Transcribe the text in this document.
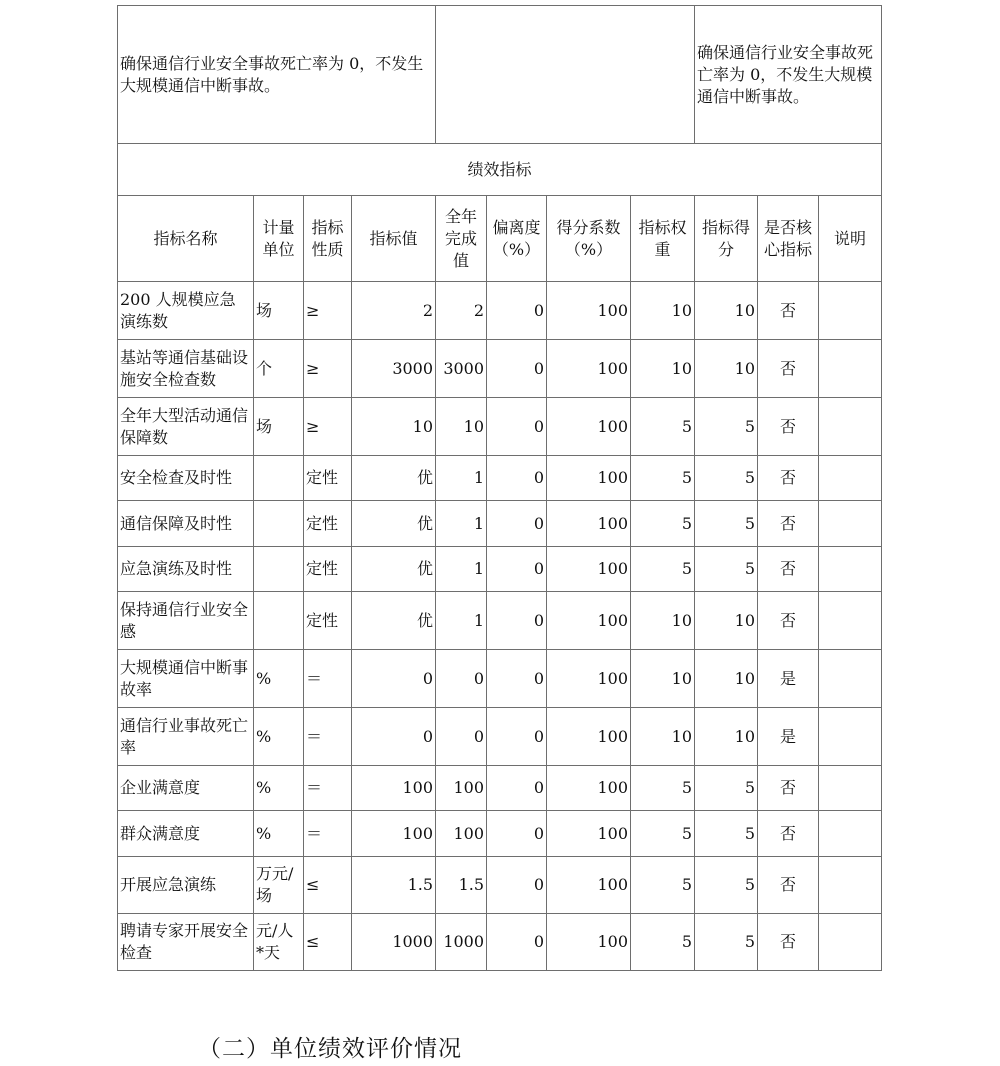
确保通信行业安全事故死亡率为 0，不发生大规模通信中断事故。								确保通信行业安全事故死亡率为 0，不发生大规模通信中断事故。		
绩效指标										
指标名称	计量单位	指标性质	指标值	全年完成值	偏离度（%）	得分系数（%）	指标权重	指标得分	是否核心指标	说明
200 人规模应急演练数	场	≥	2	2	0	100	10	10	否	
基站等通信基础设施安全检查数	个	≥	3000	3000	0	100	10	10	否	
全年大型活动通信保障数	场	≥	10	10	0	100	5	5	否	
安全检查及时性		定性	优	1	0	100	5	5	否	
通信保障及时性		定性	优	1	0	100	5	5	否	
应急演练及时性		定性	优	1	0	100	5	5	否	
保持通信行业安全感		定性	优	1	0	100	10	10	否	
大规模通信中断事故率	%	＝	0	0	0	100	10	10	是	
通信行业事故死亡率	%	＝	0	0	0	100	10	10	是	
企业满意度	%	＝	100	100	0	100	5	5	否	
群众满意度	%	＝	100	100	0	100	5	5	否	
开展应急演练	万元/场	≤	1.5	1.5	0	100	5	5	否	
聘请专家开展安全检查	元/人*天	≤	1000	1000	0	100	5	5	否	
（二）单位绩效评价情况
